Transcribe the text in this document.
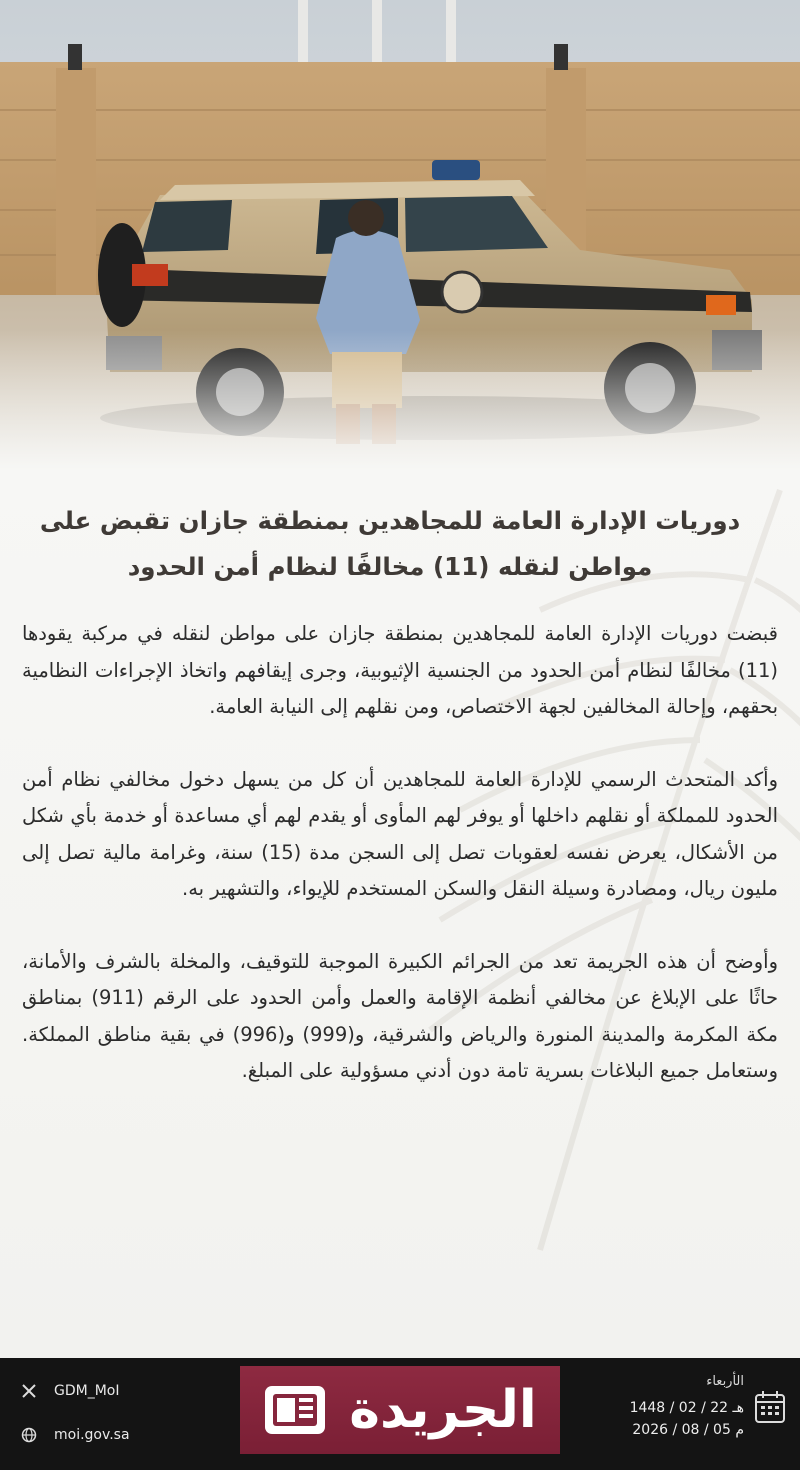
دوريات الإدارة العامة للمجاهدين بمنطقة جازان تقبض على مواطن لنقله (11) مخالفًا لنظام أمن الحدود

قبضت دوريات الإدارة العامة للمجاهدين بمنطقة جازان على مواطن لنقله في مركبة يقودها (11) مخالفًا لنظام أمن الحدود من الجنسية الإثيوبية، وجرى إيقافهم واتخاذ الإجراءات النظامية بحقهم، وإحالة المخالفين لجهة الاختصاص، ومن نقلهم إلى النيابة العامة.

وأكد المتحدث الرسمي للإدارة العامة للمجاهدين أن كل من يسهل دخول مخالفي نظام أمن الحدود للمملكة أو نقلهم داخلها أو يوفر لهم المأوى أو يقدم لهم أي مساعدة أو خدمة بأي شكل من الأشكال، يعرض نفسه لعقوبات تصل إلى السجن مدة (15) سنة، وغرامة مالية تصل إلى مليون ريال، ومصادرة وسيلة النقل والسكن المستخدم للإيواء، والتشهير به.

وأوضح أن هذه الجريمة تعد من الجرائم الكبيرة الموجبة للتوقيف، والمخلة بالشرف والأمانة، حاثًا على الإبلاغ عن مخالفي أنظمة الإقامة والعمل وأمن الحدود على الرقم (911) بمناطق مكة المكرمة والمدينة المنورة والرياض والشرقية، و(999) و(996) في بقية مناطق المملكة. وستعامل جميع البلاغات بسرية تامة دون أدني مسؤولية على المبلغ.

GDM_MoI
moi.gov.sa	الجريدة	الأربعاء
1448 / 02 / 22 هـ
2026 / 08 / 05 م
